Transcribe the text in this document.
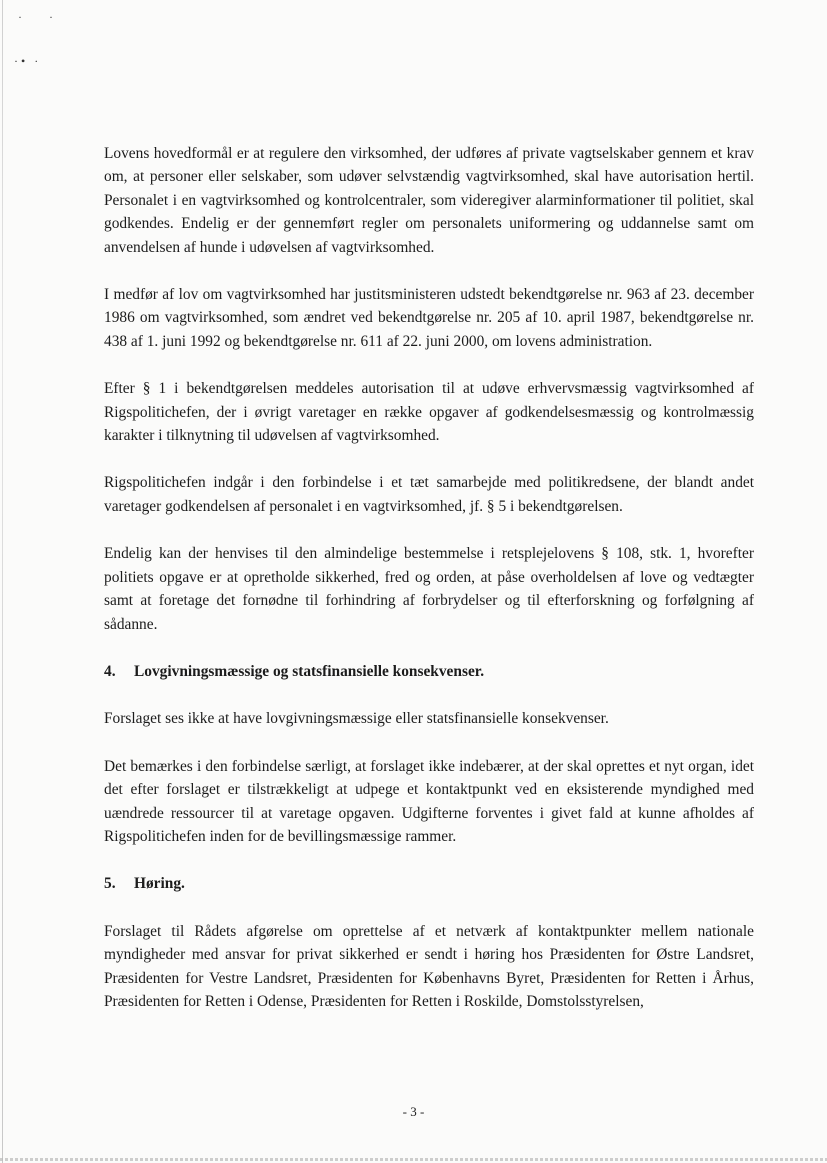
· ·
·• ·

Lovens hovedformål er at regulere den virksomhed, der udføres af private vagtselskaber gennem et krav om, at personer eller selskaber, som udøver selvstændig vagtvirksomhed, skal have autorisation hertil. Personalet i en vagtvirksomhed og kontrolcentraler, som videregiver alarminformationer til politiet, skal godkendes. Endelig er der gennemført regler om personalets uniformering og uddannelse samt om anvendelsen af hunde i udøvelsen af vagtvirksomhed.

I medfør af lov om vagtvirksomhed har justitsministeren udstedt bekendtgørelse nr. 963 af 23. december 1986 om vagtvirksomhed, som ændret ved bekendtgørelse nr. 205 af 10. april 1987, bekendtgørelse nr. 438 af 1. juni 1992 og bekendtgørelse nr. 611 af 22. juni 2000, om lovens administration.

Efter § 1 i bekendtgørelsen meddeles autorisation til at udøve erhvervsmæssig vagtvirksomhed af Rigspolitichefen, der i øvrigt varetager en række opgaver af godkendelsesmæssig og kontrolmæssig karakter i tilknytning til udøvelsen af vagtvirksomhed.

Rigspolitichefen indgår i den forbindelse i et tæt samarbejde med politikredsene, der blandt andet varetager godkendelsen af personalet i en vagtvirksomhed, jf. § 5 i bekendtgørelsen.

Endelig kan der henvises til den almindelige bestemmelse i retsplejelovens § 108, stk. 1, hvorefter politiets opgave er at opretholde sikkerhed, fred og orden, at påse overholdelsen af love og vedtægter samt at foretage det fornødne til forhindring af forbrydelser og til efterforskning og forfølgning af sådanne.

4.	Lovgivningsmæssige og statsfinansielle konsekvenser.

Forslaget ses ikke at have lovgivningsmæssige eller statsfinansielle konsekvenser.

Det bemærkes i den forbindelse særligt, at forslaget ikke indebærer, at der skal oprettes et nyt organ, idet det efter forslaget er tilstrækkeligt at udpege et kontaktpunkt ved en eksisterende myndighed med uændrede ressourcer til at varetage opgaven. Udgifterne forventes i givet fald at kunne afholdes af Rigspolitichefen inden for de bevillingsmæssige rammer.

5.	Høring.

Forslaget til Rådets afgørelse om oprettelse af et netværk af kontaktpunkter mellem nationale myndigheder med ansvar for privat sikkerhed er sendt i høring hos Præsidenten for Østre Landsret, Præsidenten for Vestre Landsret, Præsidenten for Københavns Byret, Præsidenten for Retten i Århus, Præsidenten for Retten i Odense, Præsidenten for Retten i Roskilde, Domstolsstyrelsen,

- 3 -
